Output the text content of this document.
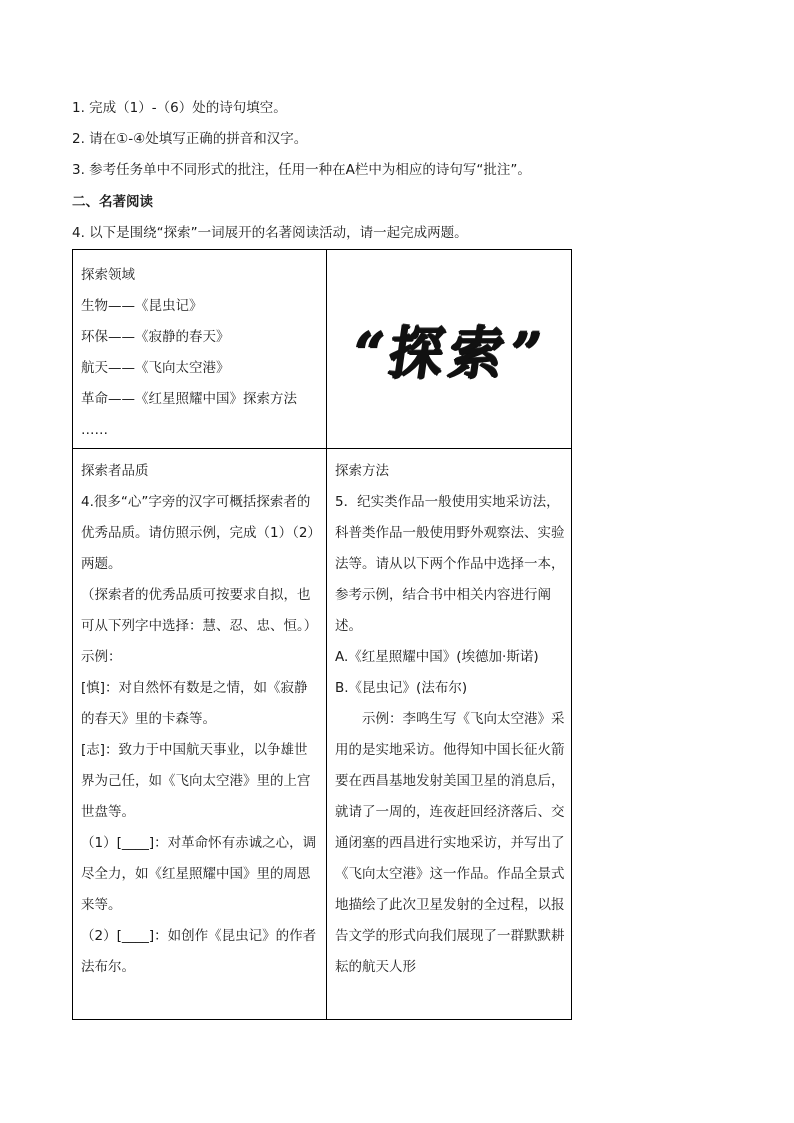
1. 完成（1）-（6）处的诗句填空。
2. 请在①-④处填写正确的拼音和汉字。
3. 参考任务单中不同形式的批注，任用一种在A栏中为相应的诗句写“批注”。
二、名著阅读
4. 以下是围绕“探索”一词展开的名著阅读活动，请一起完成两题。

探索领域

生物——《昆虫记》

环保——《寂静的春天》

航天——《飞向太空港》

革命——《红星照耀中国》探索方法

……

“探索”

探索者品质

4.很多“心”字旁的汉字可概括探索者的优秀品质。请仿照示例，完成（1）（2）两题。

（探索者的优秀品质可按要求自拟，也可从下列字中选择：慧、忍、忠、恒。）

示例：

[慎]：对自然怀有数是之情，如《寂静的春天》里的卡森等。

[志]：致力于中国航天事业，以争雄世界为己任，如《飞向太空港》里的上宫世盘等。

（1）[____]：对革命怀有赤诚之心，调尽全力，如《红星照耀中国》里的周恩来等。

（2）[____]：如创作《昆虫记》的作者法布尔。

探索方法

5．纪实类作品一般使用实地采访法，科普类作品一般使用野外观察法、实验法等。请从以下两个作品中选择一本，参考示例，结合书中相关内容进行阐述。

A.《红星照耀中国》(埃德加·斯诺)

B.《昆虫记》(法布尔)

示例：李鸣生写《飞向太空港》采用的是实地采访。他得知中国长征火箭要在西昌基地发射美国卫星的消息后，就请了一周的，连夜赶回经济落后、交通闭塞的西昌进行实地采访，并写出了《飞向太空港》这一作品。作品全景式地描绘了此次卫星发射的全过程，以报告文学的形式向我们展现了一群默默耕耘的航天人形
